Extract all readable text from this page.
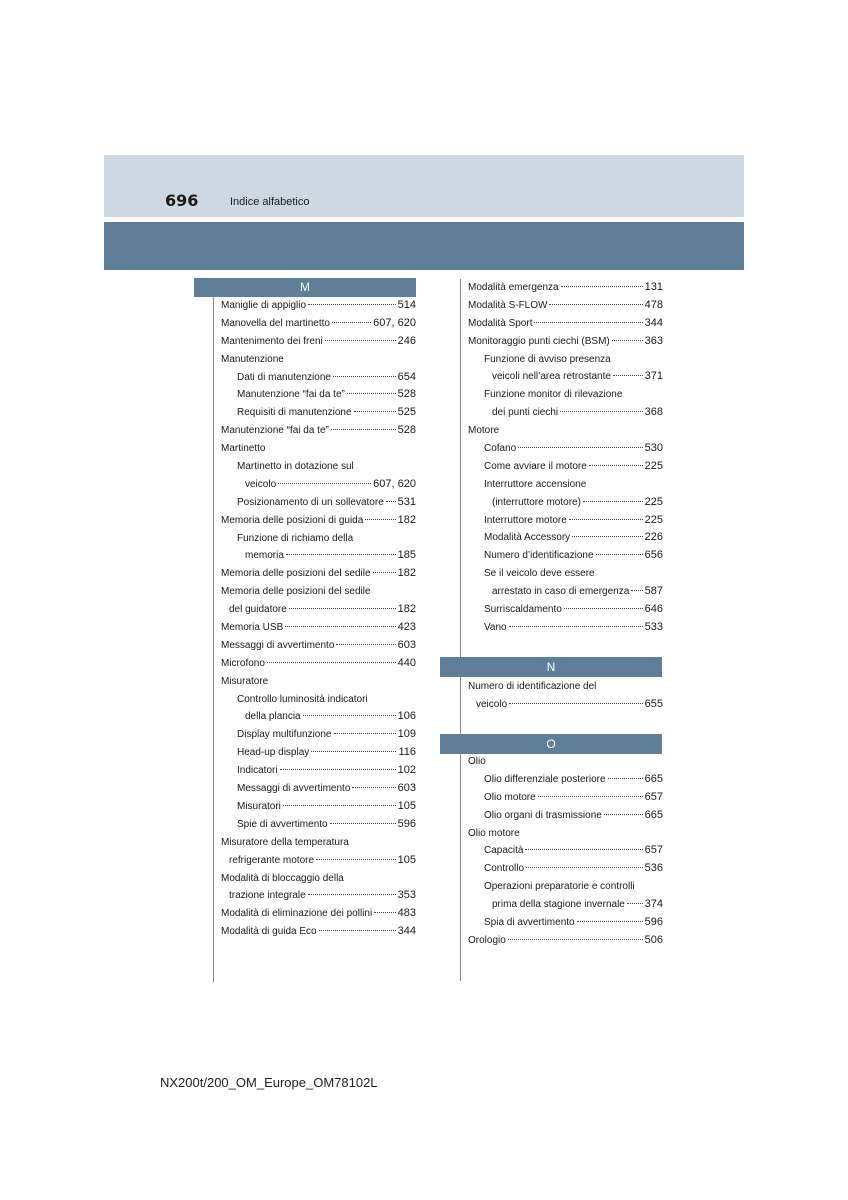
696	Indice alfabetico
M
Maniglie di appiglio	514
Manovella del martinetto	607, 620
Mantenimento dei freni	246
Manutenzione
Dati di manutenzione	654
Manutenzione “fai da te”	528
Requisiti di manutenzione	525
Manutenzione “fai da te”	528
Martinetto
Martinetto in dotazione sul
veicolo	607, 620
Posizionamento di un sollevatore 531
Memoria delle posizioni di guida	182
Funzione di richiamo della
memoria	185
Memoria delle posizioni del sedile 182
Memoria delle posizioni del sedile
del guidatore	182
Memoria USB	423
Messaggi di avvertimento	603
Microfono	440
Misuratore
Controllo luminosità indicatori
della plancia	106
Display multifunzione	109
Head-up display	116
Indicatori	102
Messaggi di avvertimento	603
Misuratori	105
Spie di avvertimento	596
Misuratore della temperatura
refrigerante motore	105
Modalità di bloccaggio della
trazione integrale	353
Modalità di eliminazione dei pollini 483
Modalità di guida Eco	344
Modalità emergenza	131
Modalità S-FLOW	478
Modalità Sport	344
Monitoraggio punti ciechi (BSM)	363
Funzione di avviso presenza
veicoli nell’area retrostante	371
Funzione monitor di rilevazione
dei punti ciechi	368
Motore
Cofano	530
Come avviare il motore	225
Interruttore accensione
(interruttore motore)	225
Interruttore motore	225
Modalità Accessory	226
Numero d’identificazione	656
Se il veicolo deve essere
arrestato in caso di emergenza 587
Surriscaldamento	646
Vano	533
N
Numero di identificazione del
veicolo	655
O
Olio
Olio differenziale posteriore	665
Olio motore	657
Olio organi di trasmissione	665
Olio motore
Capacità	657
Controllo	536
Operazioni preparatorie e controlli
prima della stagione invernale 374
Spia di avvertimento	596
Orologio	506
NX200t/200_OM_Europe_OM78102L
